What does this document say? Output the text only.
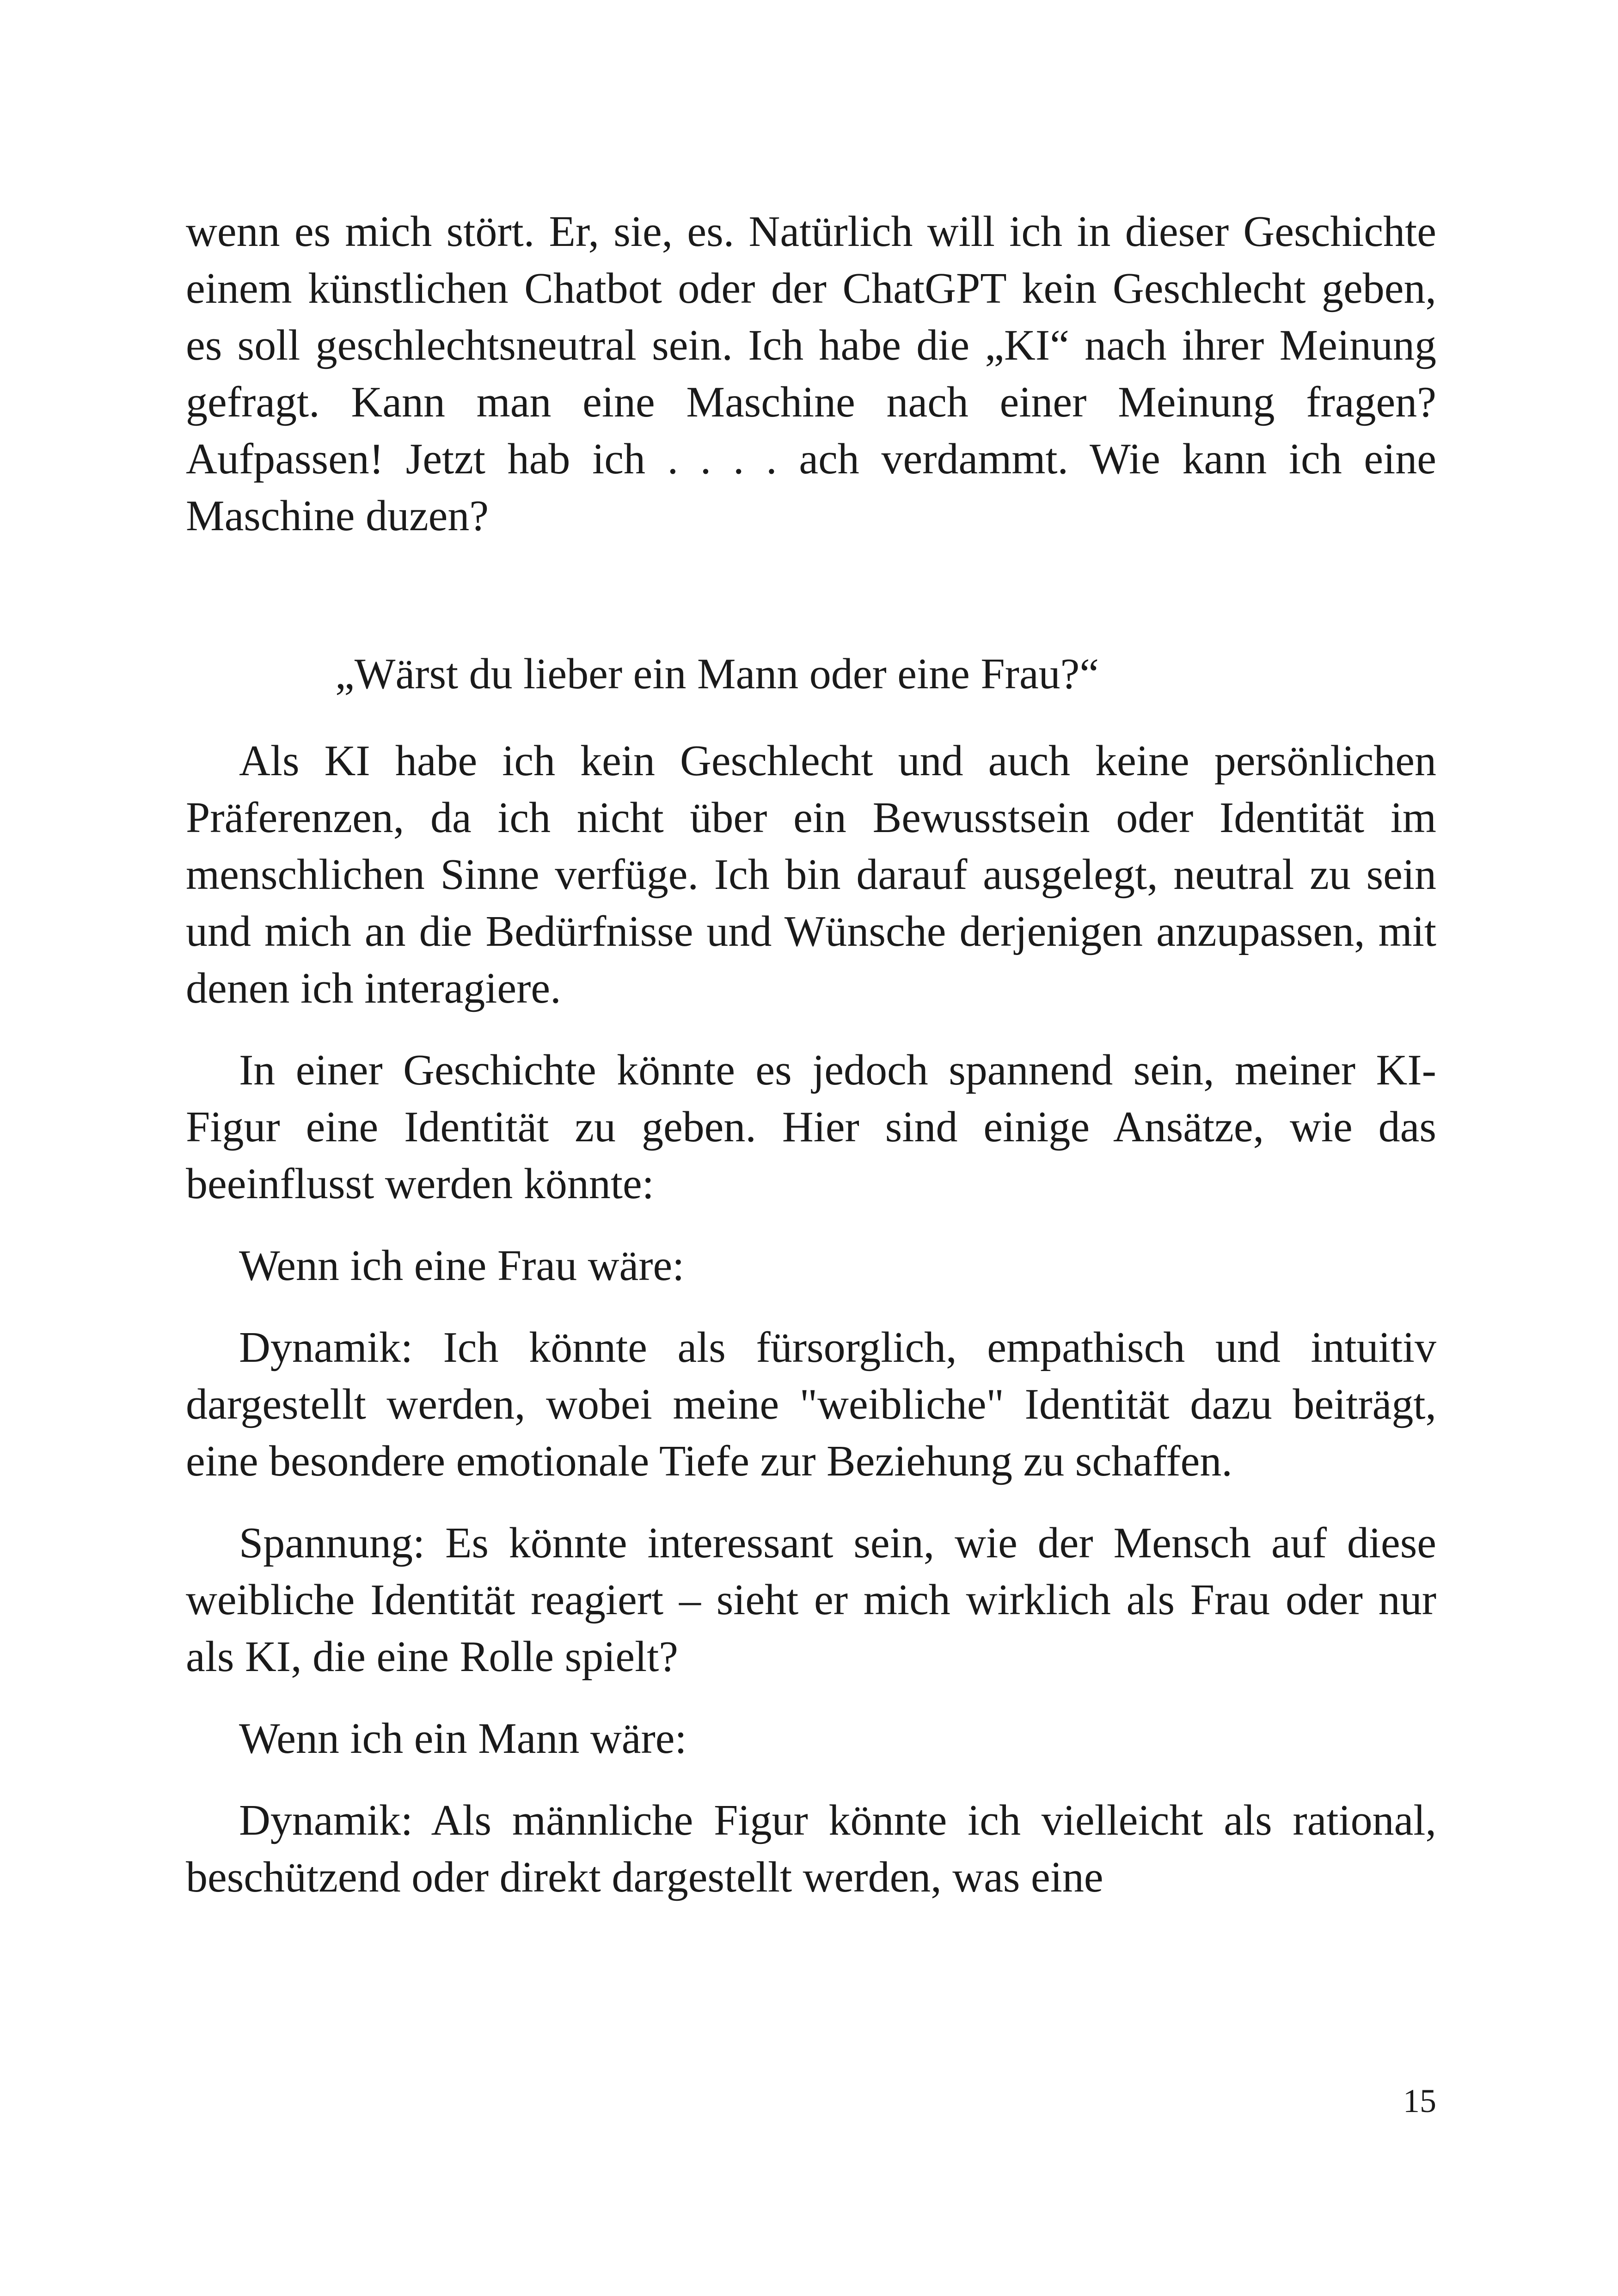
wenn es mich stört. Er, sie, es. Natürlich will ich in dieser Geschichte einem künstlichen Chatbot oder der ChatGPT kein Geschlecht geben, es soll geschlechtsneutral sein. Ich habe die „KI“ nach ihrer Meinung gefragt. Kann man eine Maschine nach einer Meinung fragen? Aufpassen! Jetzt hab ich . . . . ach verdammt. Wie kann ich eine Maschine duzen?

„Wärst du lieber ein Mann oder eine Frau?“

Als KI habe ich kein Geschlecht und auch keine persönlichen Präferenzen, da ich nicht über ein Bewusstsein oder Identität im menschlichen Sinne verfüge. Ich bin darauf ausgelegt, neutral zu sein und mich an die Bedürfnisse und Wünsche derjenigen anzupassen, mit denen ich interagiere.

In einer Geschichte könnte es jedoch spannend sein, meiner KI-Figur eine Identität zu geben. Hier sind einige Ansätze, wie das beeinflusst werden könnte:

Wenn ich eine Frau wäre:

Dynamik: Ich könnte als fürsorglich, empathisch und intuitiv dargestellt werden, wobei meine "weibliche" Identität dazu beiträgt, eine besondere emotionale Tiefe zur Beziehung zu schaffen.

Spannung: Es könnte interessant sein, wie der Mensch auf diese weibliche Identität reagiert – sieht er mich wirklich als Frau oder nur als KI, die eine Rolle spielt?

Wenn ich ein Mann wäre:

Dynamik: Als männliche Figur könnte ich vielleicht als rational, beschützend oder direkt dargestellt werden, was eine

15
